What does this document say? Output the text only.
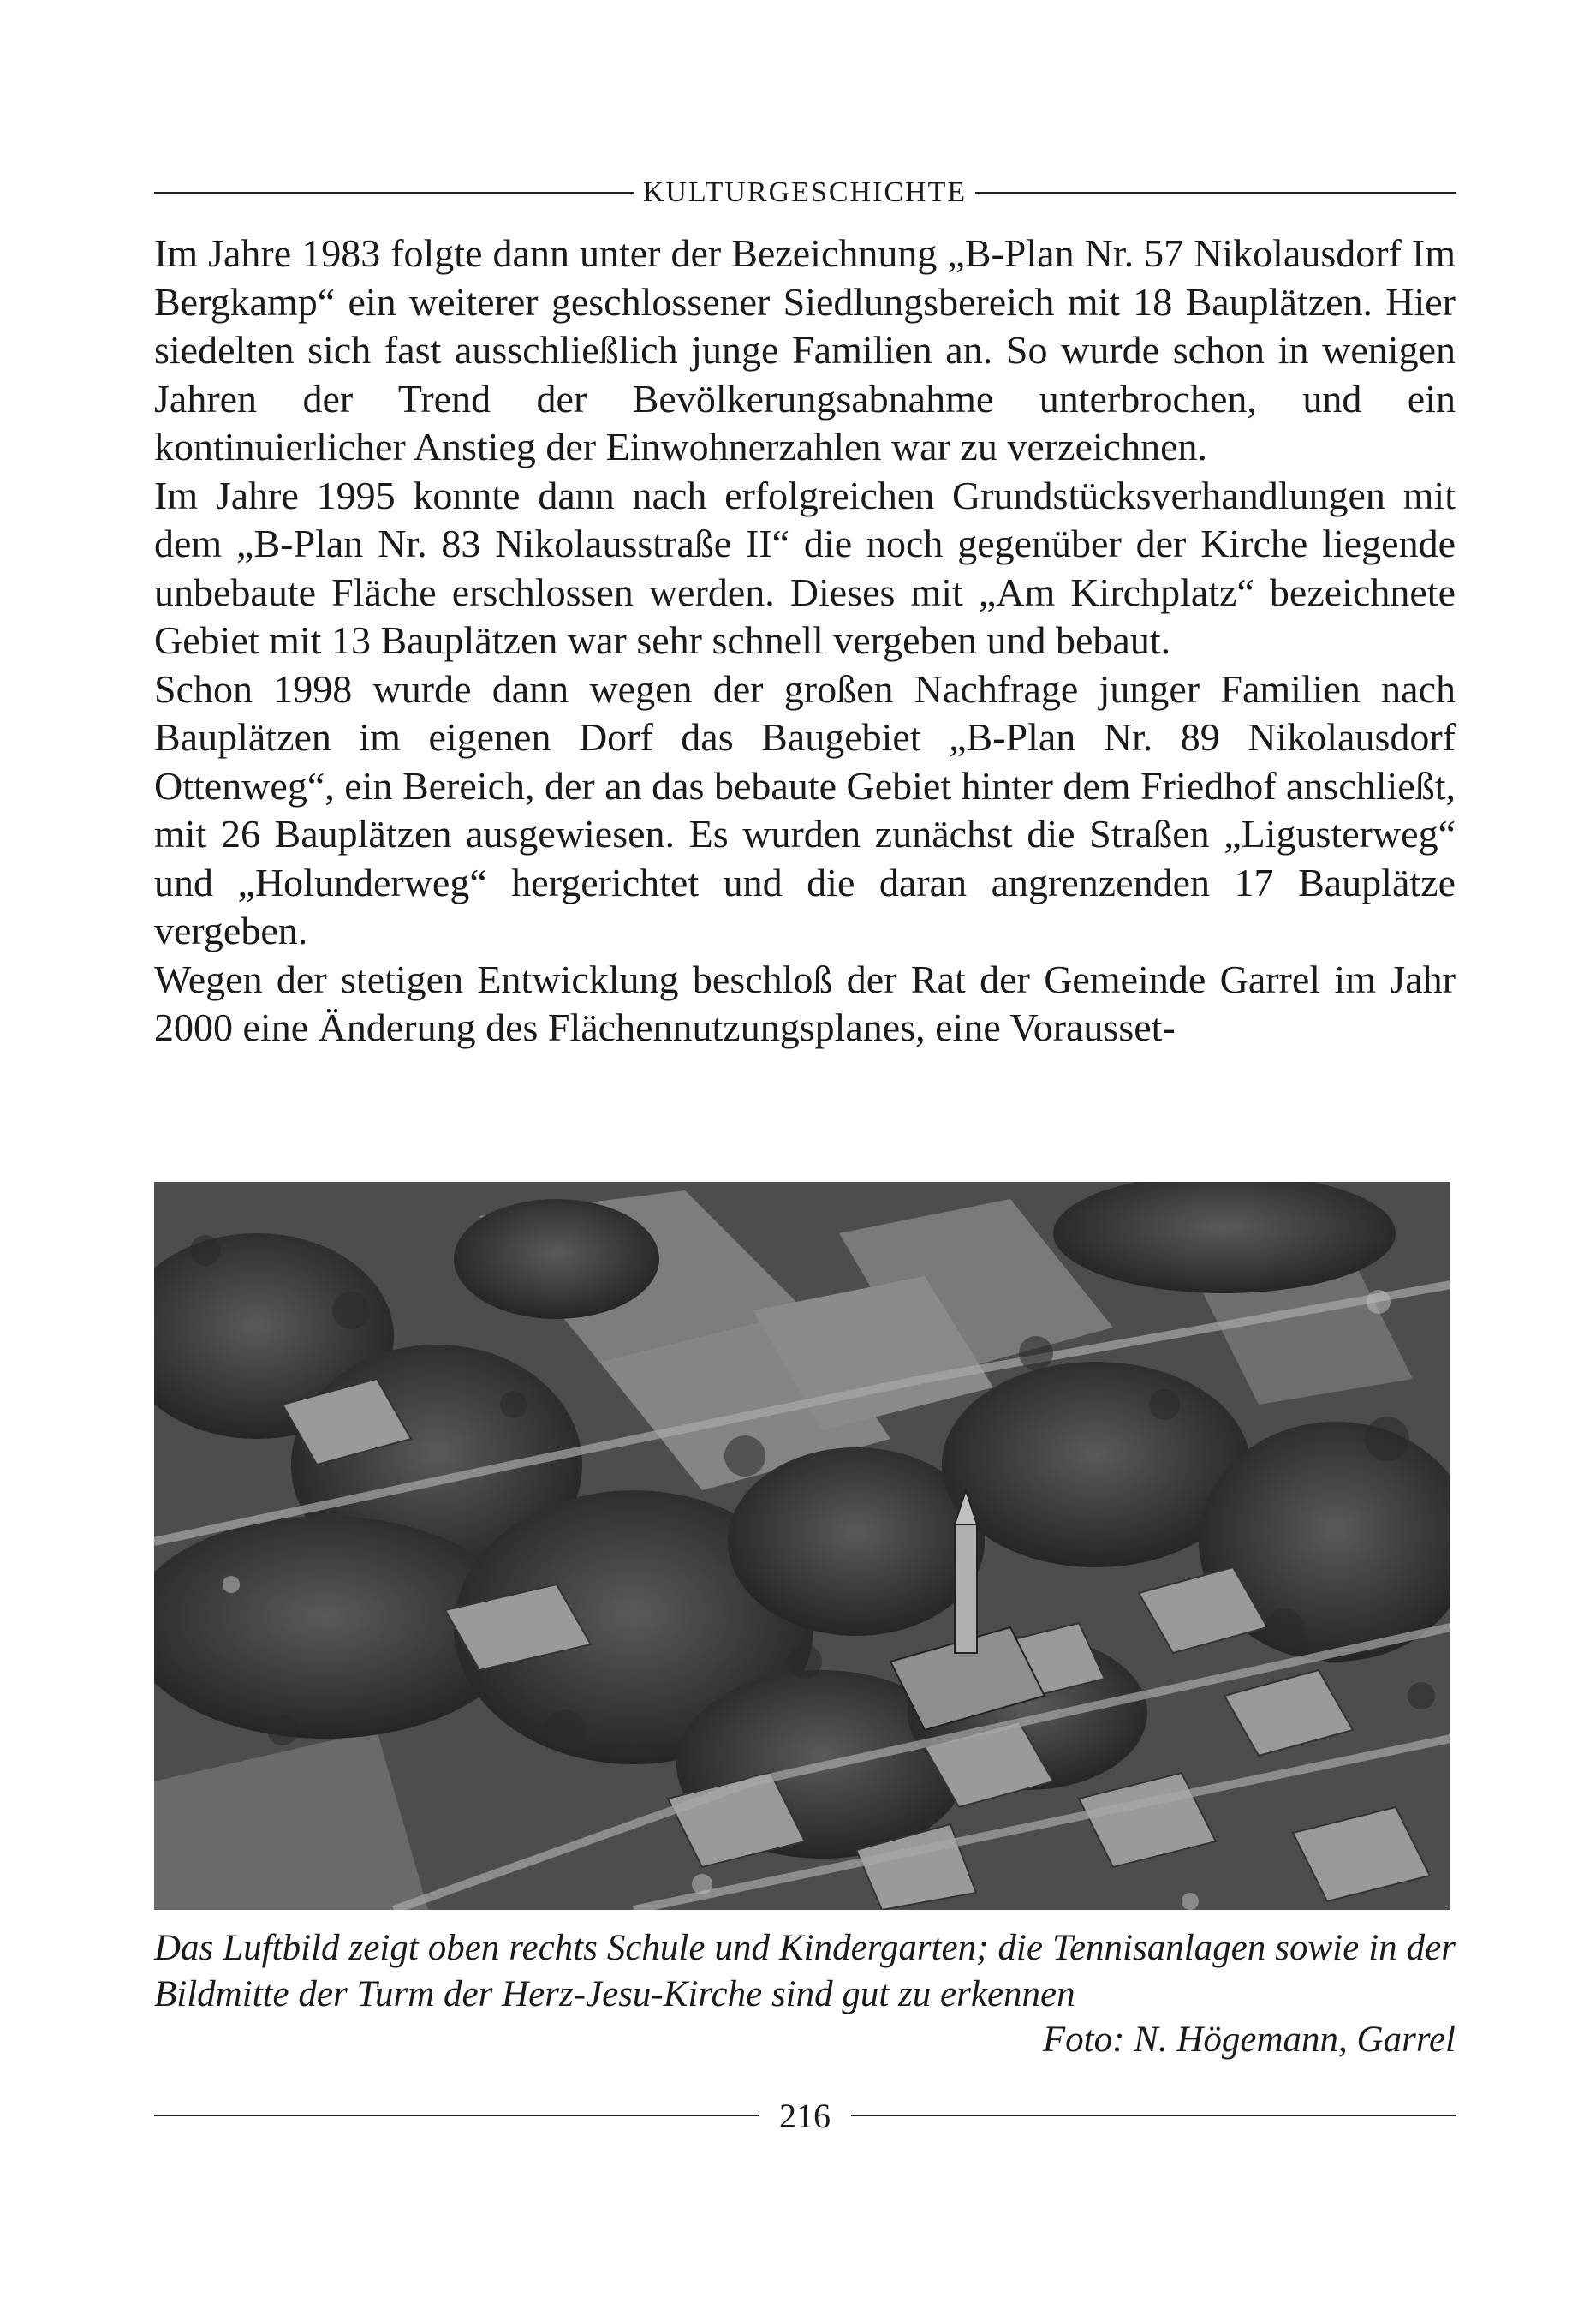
KULTURGESCHICHTE

Im Jahre 1983 folgte dann unter der Bezeichnung „B-Plan Nr. 57 Nikolausdorf Im Bergkamp“ ein weiterer geschlossener Siedlungsbereich mit 18 Bauplätzen. Hier siedelten sich fast ausschließlich junge Familien an. So wurde schon in wenigen Jahren der Trend der Bevölkerungsabnahme unterbrochen, und ein kontinuierlicher Anstieg der Einwohnerzahlen war zu verzeichnen.

Im Jahre 1995 konnte dann nach erfolgreichen Grundstücksverhandlungen mit dem „B-Plan Nr. 83 Nikolausstraße II“ die noch gegenüber der Kirche liegende unbebaute Fläche erschlossen werden. Dieses mit „Am Kirchplatz“ bezeichnete Gebiet mit 13 Bauplätzen war sehr schnell vergeben und bebaut.

Schon 1998 wurde dann wegen der großen Nachfrage junger Familien nach Bauplätzen im eigenen Dorf das Baugebiet „B-Plan Nr. 89 Nikolausdorf Ottenweg“, ein Bereich, der an das bebaute Gebiet hinter dem Friedhof anschließt, mit 26 Bauplätzen ausgewiesen. Es wurden zunächst die Straßen „Ligusterweg“ und „Holunderweg“ hergerichtet und die daran angrenzenden 17 Bauplätze vergeben.

Wegen der stetigen Entwicklung beschloß der Rat der Gemeinde Garrel im Jahr 2000 eine Änderung des Flächennutzungsplanes, eine Vorausset-

Das Luftbild zeigt oben rechts Schule und Kindergarten; die Tennisanlagen sowie in der Bildmitte der Turm der Herz-Jesu-Kirche sind gut zu erkennen
Foto: N. Högemann, Garrel
216
